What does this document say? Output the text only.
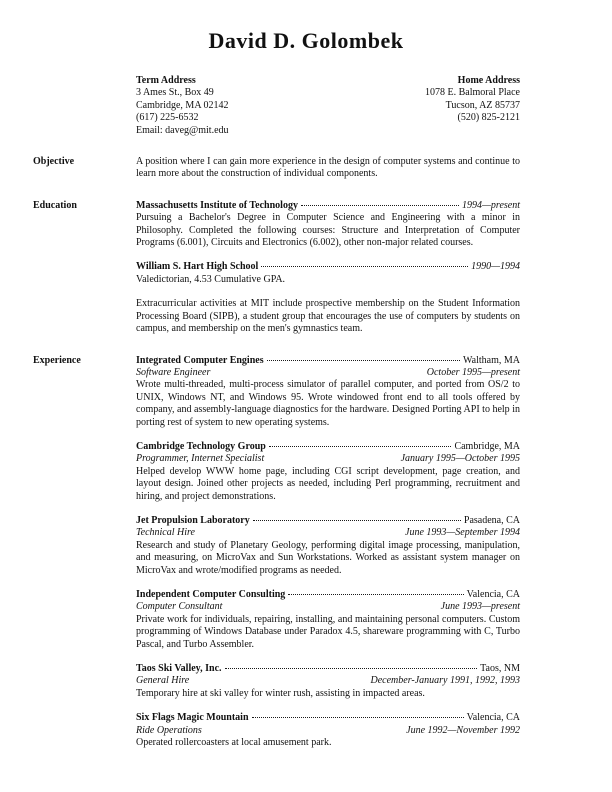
David D. Golombek
Term Address
3 Ames St., Box 49
Cambridge, MA 02142
(617) 225-6532
Email: daveg@mit.edu
Home Address
1078 E. Balmoral Place
Tucson, AZ 85737
(520) 825-2121
Objective	A position where I can gain more experience in the design of computer systems and continue to learn more about the construction of individual components.

Education	Massachusetts Institute of Technology	1994—present

Pursuing a Bachelor's Degree in Computer Science and Engineering with a minor in Philosophy. Completed the following courses: Structure and Interpretation of Computer Programs (6.001), Circuits and Electronics (6.002), other non-major related courses.

William S. Hart High School	1990—1994

Valedictorian, 4.53 Cumulative GPA.

Extracurricular activities at MIT include prospective membership on the Student Information Processing Board (SIPB), a student group that encourages the use of computers by students on campus, and membership on the men's gymnastics team.

Experience	Integrated Computer Engines	Waltham, MA
Software Engineer	October 1995—present

Wrote multi-threaded, multi-process simulator of parallel computer, and ported from OS/2 to UNIX, Windows NT, and Windows 95. Wrote windowed front end to all tools offered by company, and assembly-language diagnostics for the hardware. Designed Porting API to help in porting rest of system to new operating systems.

Cambridge Technology Group	Cambridge, MA
Programmer, Internet Specialist	January 1995—October 1995

Helped develop WWW home page, including CGI script development, page creation, and layout design. Joined other projects as needed, including Perl programming, recruitment and hiring, and project demonstrations.

Jet Propulsion Laboratory	Pasadena, CA
Technical Hire	June 1993—September 1994

Research and study of Planetary Geology, performing digital image processing, manipulation, and measuring, on MicroVax and Sun Workstations. Worked as assistant system manager on MicroVax and wrote/modified programs as needed.

Independent Computer Consulting	Valencia, CA
Computer Consultant	June 1993—present

Private work for individuals, repairing, installing, and maintaining personal computers. Custom programming of Windows Database under Paradox 4.5, shareware programming with C, Turbo Pascal, and Turbo Assembler.

Taos Ski Valley, Inc.	Taos, NM
General Hire	December-January 1991, 1992, 1993

Temporary hire at ski valley for winter rush, assisting in impacted areas.

Six Flags Magic Mountain	Valencia, CA
Ride Operations	June 1992—November 1992

Operated rollercoasters at local amusement park.
